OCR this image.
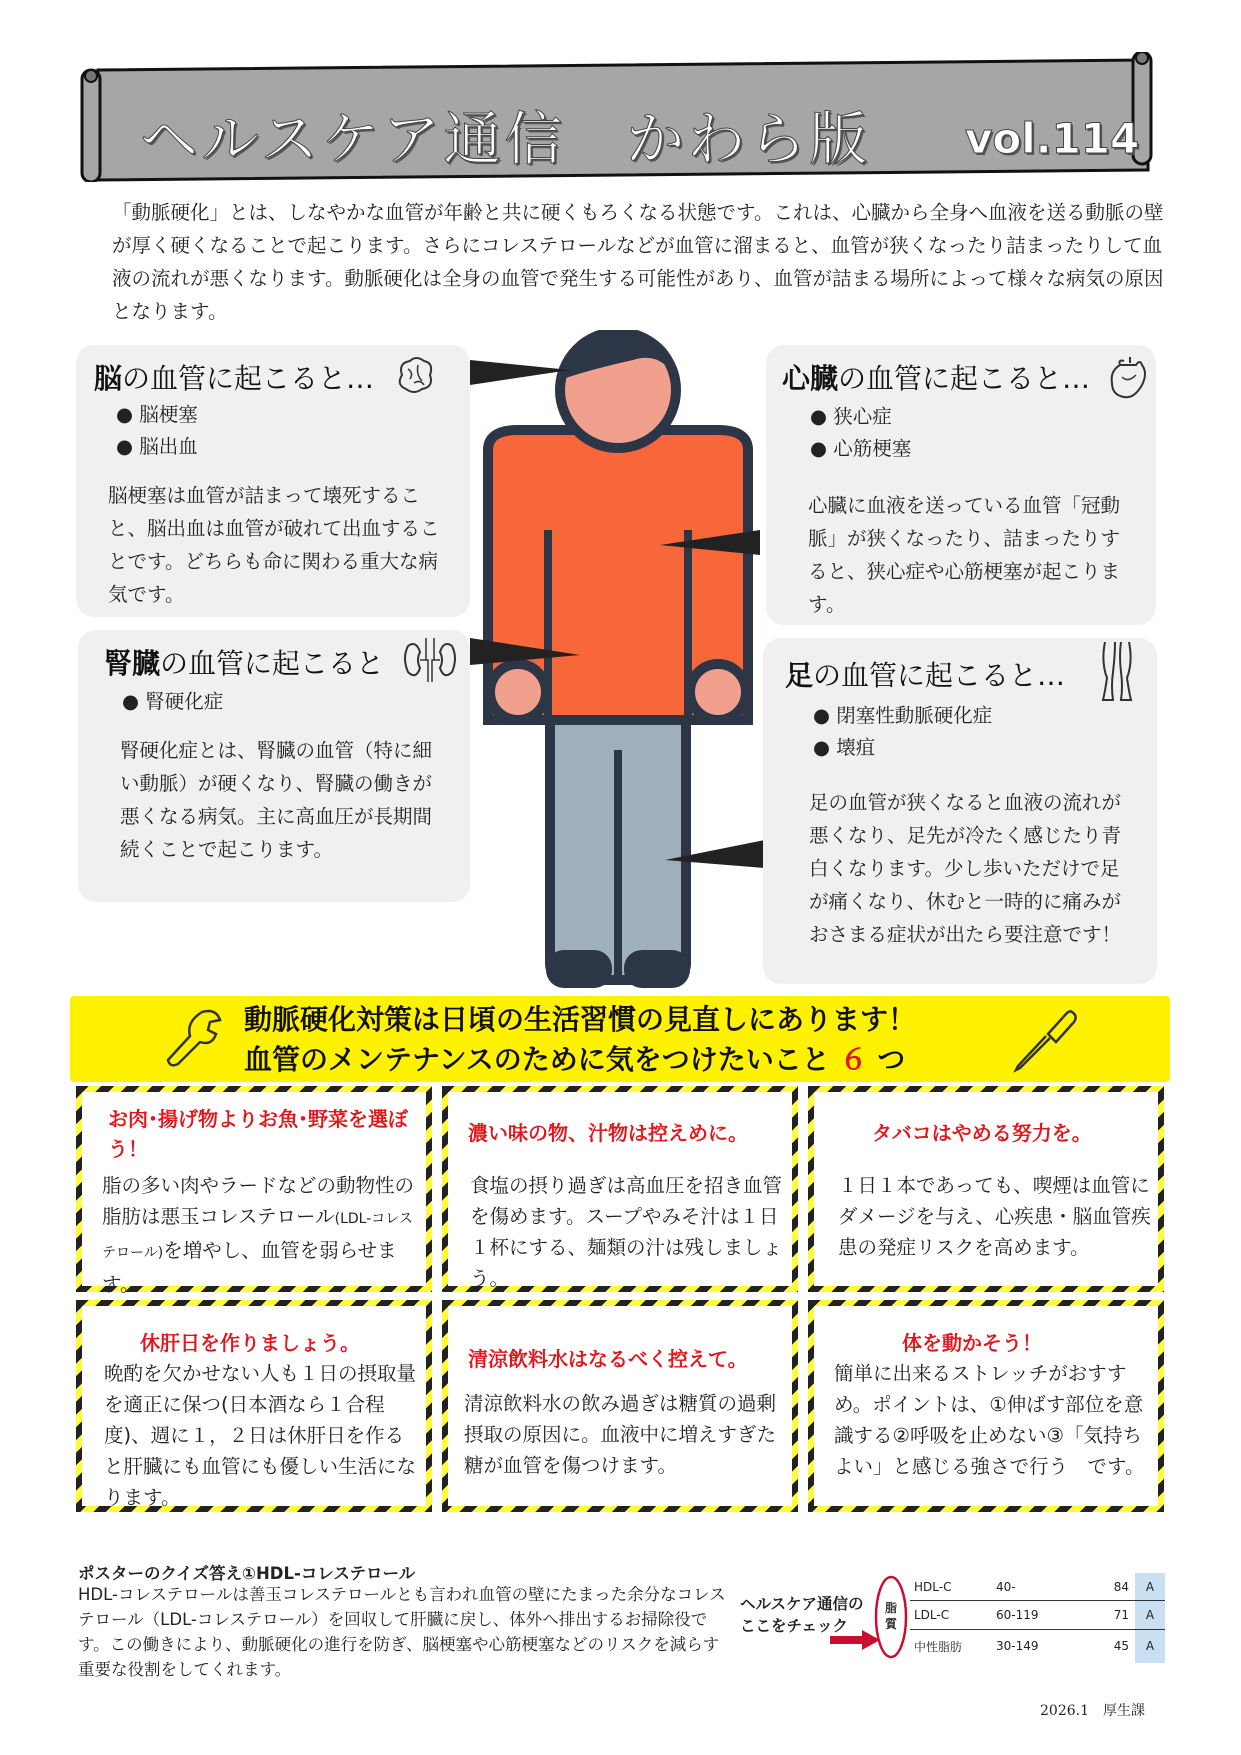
ヘルスケア通信　かわら版 vol.114

「動脈硬化」とは、しなやかな血管が年齢と共に硬くもろくなる状態です。これは、心臓から全身へ血液を送る動脈の壁が厚く硬くなることで起こります。さらにコレステロールなどが血管に溜まると、血管が狭くなったり詰まったりして血液の流れが悪くなります。動脈硬化は全身の血管で発生する可能性があり、血管が詰まる場所によって様々な病気の原因となります。

脳の血管に起こると…
● 脳梗塞
● 脳出血

脳梗塞は血管が詰まって壊死すること、脳出血は血管が破れて出血することです。どちらも命に関わる重大な病気です。

心臓の血管に起こると…
● 狭心症
● 心筋梗塞

心臓に血液を送っている血管「冠動脈」が狭くなったり、詰まったりすると、狭心症や心筋梗塞が起こります。

腎臓の血管に起こると
● 腎硬化症

腎硬化症とは、腎臓の血管（特に細い動脈）が硬くなり、腎臓の働きが悪くなる病気。主に高血圧が長期間続くことで起こります。

足の血管に起こると…
● 閉塞性動脈硬化症
● 壊疽

足の血管が狭くなると血液の流れが悪くなり、足先が冷たく感じたり青白くなります。少し歩いただけで足が痛くなり、休むと一時的に痛みがおさまる症状が出たら要注意です！

動脈硬化対策は日頃の生活習慣の見直しにあります！
血管のメンテナンスのために気をつけたいこと ６ つ
お肉･揚げ物よりお魚･野菜を選ぼう！

脂の多い肉やラードなどの動物性の脂肪は悪玉コレステロール(LDL-コレステロール)を増やし、血管を弱らせます。

濃い味の物、汁物は控えめに。

食塩の摂り過ぎは高血圧を招き血管を傷めます。スープやみそ汁は１日１杯にする、麺類の汁は残しましょう。

タバコはやめる努力を。

１日１本であっても、喫煙は血管にダメージを与え、心疾患・脳血管疾患の発症リスクを高めます。

休肝日を作りましょう。

晩酌を欠かせない人も１日の摂取量を適正に保つ(日本酒なら１合程度)、週に１，２日は休肝日を作ると肝臓にも血管にも優しい生活になります。

清涼飲料水はなるべく控えて。

清涼飲料水の飲み過ぎは糖質の過剰摂取の原因に。血液中に増えすぎた糖が血管を傷つけます。

体を動かそう！

簡単に出来るストレッチがおすすめ。ポイントは、①伸ばす部位を意識する②呼吸を止めない③「気持ちよい」と感じる強さで行う　です。

ポスターのクイズ答え①HDL-コレステロール

HDL-コレステロールは善玉コレステロールとも言われ血管の壁にたまった余分なコレステロール（LDL-コレステロール）を回収して肝臓に戻し、体外へ排出するお掃除役です。この働きにより、動脈硬化の進行を防ぎ、脳梗塞や心筋梗塞などのリスクを減らす重要な役割をしてくれます。

ヘルスケア通信の
ここをチェック
脂質
HDL-C	40-	84	A
LDL-C	60-119	71	A
中性脂肪	30-149	45	A
2026.1　厚生課
